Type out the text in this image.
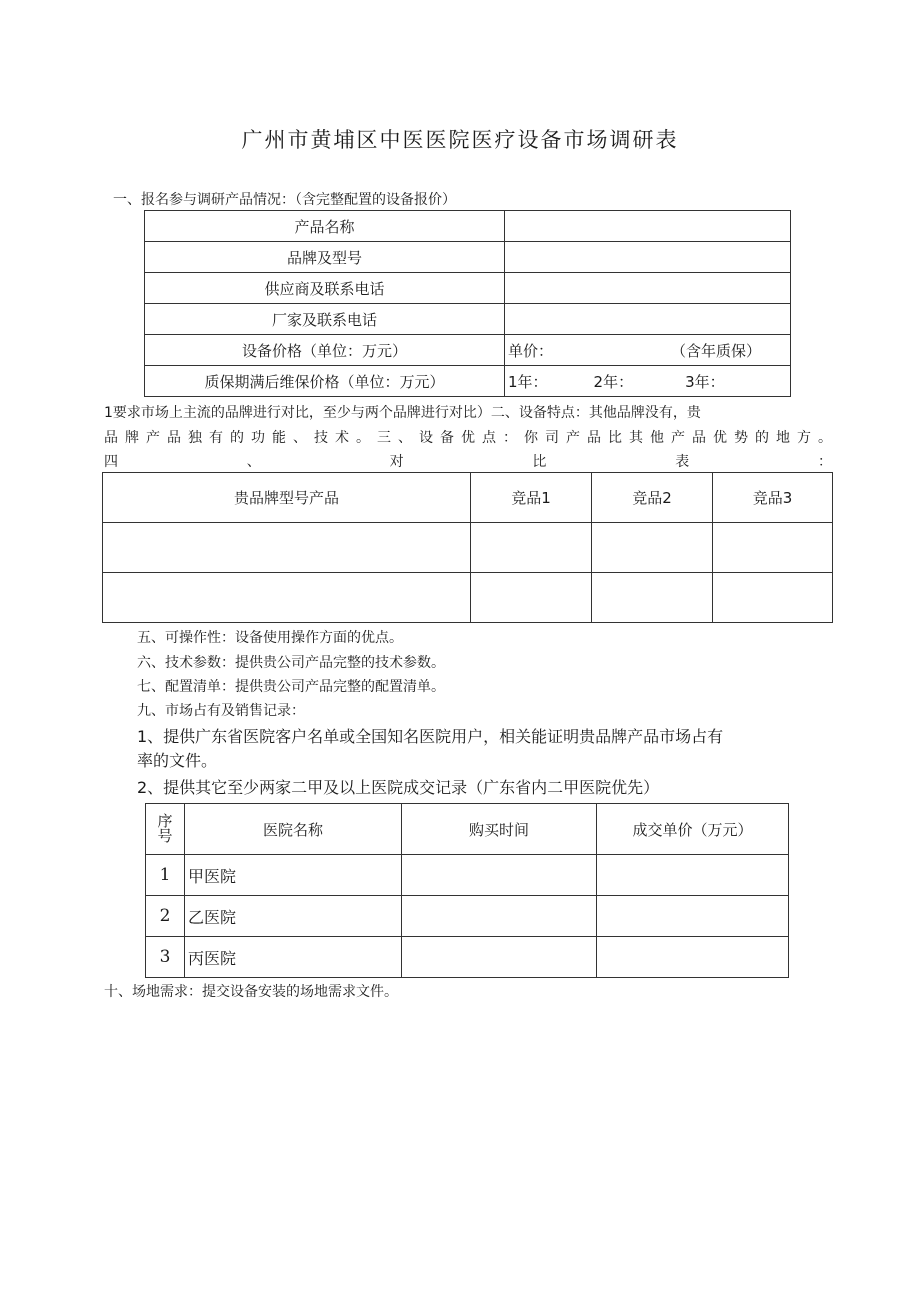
广州市黄埔区中医医院医疗设备市场调研表
一、报名参与调研产品情况：（含完整配置的设备报价）
产品名称	
品牌及型号	
供应商及联系电话	
厂家及联系电话	
设备价格（单位：万元）	单价： （含年质保）
质保期满后维保价格（单位：万元）	1年： 2年： 3年：
1要求市场上主流的品牌进行对比，至少与两个品牌进行对比）二、设备特点：其他品牌没有，贵
品牌产品独有的功能、技术。三、设备优点：你司产品比其他产品优势的地方。
四	、	对	比	表	：
贵品牌型号产品	竞品1	竞品2	竞品3

五、可操作性：设备使用操作方面的优点。
六、技术参数：提供贵公司产品完整的技术参数。
七、配置清单：提供贵公司产品完整的配置清单。
九、市场占有及销售记录：
1、提供广东省医院客户名单或全国知名医院用户，相关能证明贵品牌产品市场占有
率的文件。
2、提供其它至少两家二甲及以上医院成交记录（广东省内二甲医院优先）
序
号	医院名称	购买时间	成交单价（万元）
1	甲医院		
2	乙医院		
3	丙医院		
十、场地需求：提交设备安装的场地需求文件。
